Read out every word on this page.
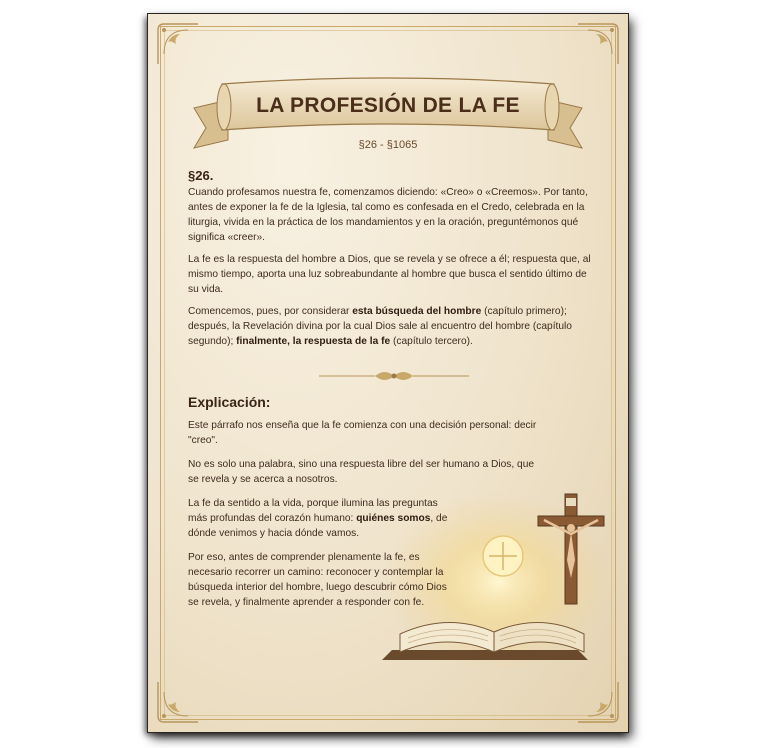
LA PROFESIÓN DE LA FE
§26 - §1065
§26.

Cuando profesamos nuestra fe, comenzamos diciendo: «Creo» o «Creemos». Por tanto, antes de exponer la fe de la Iglesia, tal como es confesada en el Credo, celebrada en la liturgia, vivida en la práctica de los mandamientos y en la oración, preguntémonos qué significa «creer».

La fe es la respuesta del hombre a Dios, que se revela y se ofrece a él; respuesta que, al mismo tiempo, aporta una luz sobreabundante al hombre que busca el sentido último de su vida.

Comencemos, pues, por considerar esta búsqueda del hombre (capítulo primero); después, la Revelación divina por la cual Dios sale al encuentro del hombre (capítulo segundo); finalmente, la respuesta de la fe (capítulo tercero).

Explicación:

Este párrafo nos enseña que la fe comienza con una decisión personal: decir "creo".

No es solo una palabra, sino una respuesta libre del ser humano a Dios, que se revela y se acerca a nosotros.

La fe da sentido a la vida, porque ilumina las preguntas más profundas del corazón humano: quiénes somos, de dónde venimos y hacia dónde vamos.

Por eso, antes de comprender plenamente la fe, es necesario recorrer un camino: reconocer y contemplar la búsqueda interior del hombre, luego descubrir cómo Dios se revela, y finalmente aprender a responder con fe.
